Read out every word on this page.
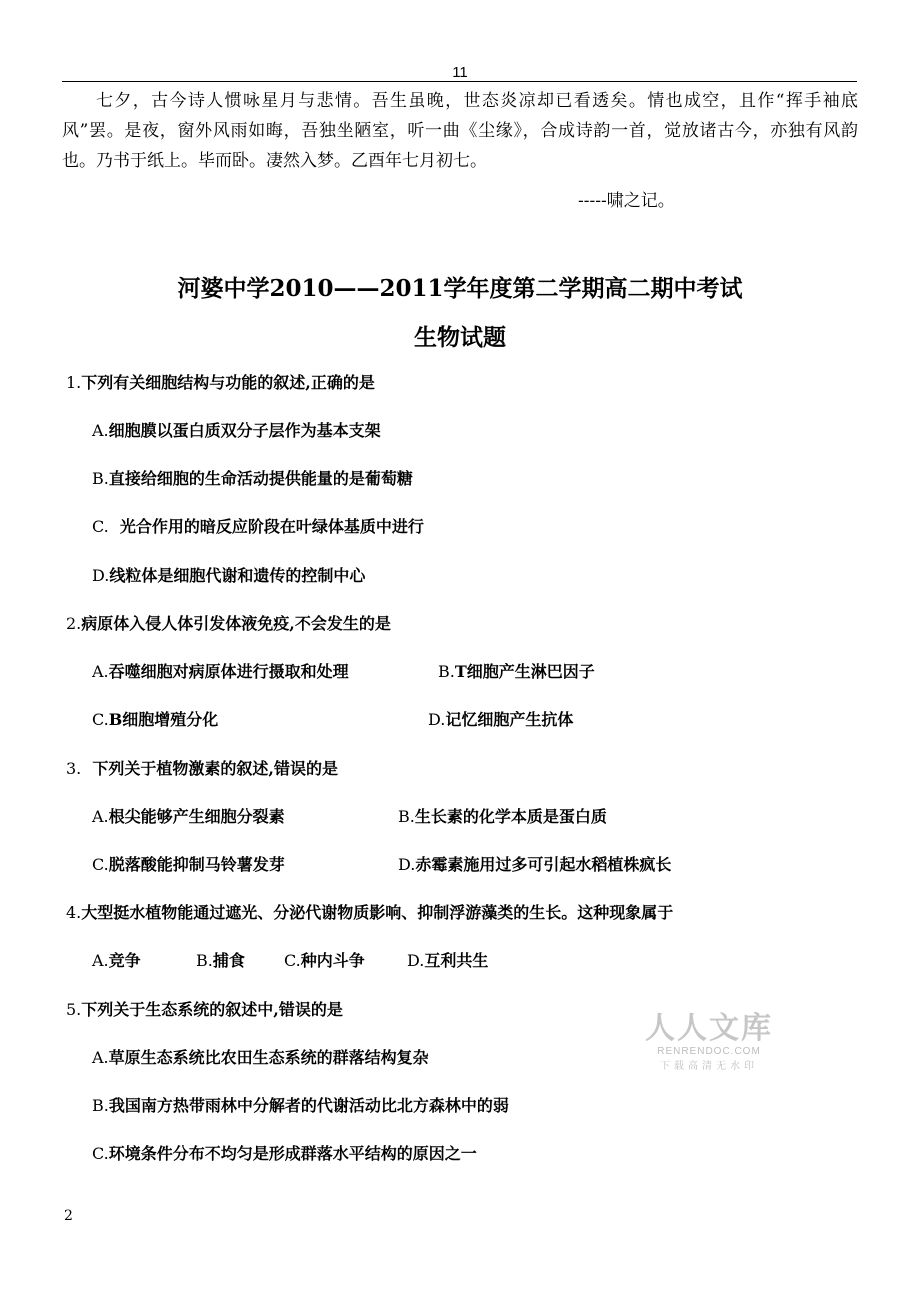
11
七夕，古今诗人惯咏星月与悲情。吾生虽晚，世态炎凉却已看透矣。情也成空，且作“挥手袖底风”罢。是夜，窗外风雨如晦，吾独坐陋室，听一曲《尘缘》，合成诗韵一首，觉放诸古今，亦独有风韵也。乃书于纸上。毕而卧。凄然入梦。乙酉年七月初七。
-----啸之记。
河婆中学2010——2011学年度第二学期高二期中考试
生物试题
1.下列有关细胞结构与功能的叙述,正确的是
A.细胞膜以蛋白质双分子层作为基本支架
B.直接给细胞的生命活动提供能量的是葡萄糖
C. 光合作用的暗反应阶段在叶绿体基质中进行
D.线粒体是细胞代谢和遗传的控制中心
2.病原体入侵人体引发体液免疫,不会发生的是
A.吞噬细胞对病原体进行摄取和处理	B.T细胞产生淋巴因子
C.B细胞增殖分化	D.记忆细胞产生抗体
3. 下列关于植物激素的叙述,错误的是
A.根尖能够产生细胞分裂素	B.生长素的化学本质是蛋白质
C.脱落酸能抑制马铃薯发芽	D.赤霉素施用过多可引起水稻植株疯长
4.大型挺水植物能通过遮光、分泌代谢物质影响、抑制浮游藻类的生长。这种现象属于
A.竞争	B.捕食 C.种内斗争	D.互利共生
5.下列关于生态系统的叙述中,错误的是
A.草原生态系统比农田生态系统的群落结构复杂
B.我国南方热带雨林中分解者的代谢活动比北方森林中的弱
C.环境条件分布不均匀是形成群落水平结构的原因之一
人人文库
RENRENDOC.COM
下载高清无水印
2
